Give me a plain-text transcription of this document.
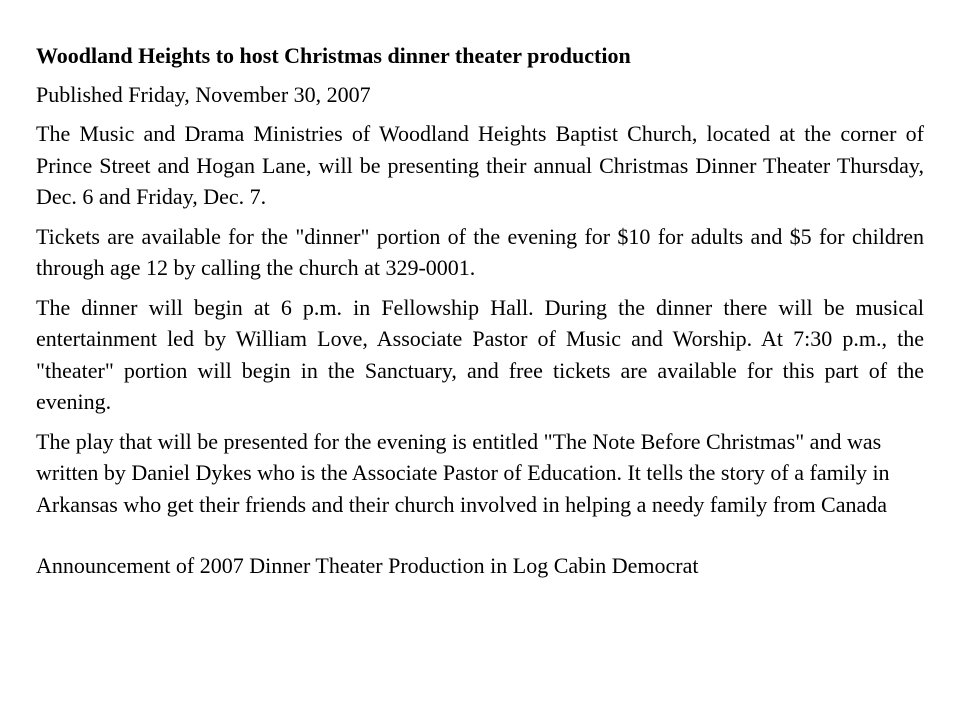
Woodland Heights to host Christmas dinner theater production
Published Friday, November 30, 2007

The Music and Drama Ministries of Woodland Heights Baptist Church, located at the corner of Prince Street and Hogan Lane, will be presenting their annual Christmas Dinner Theater Thursday, Dec. 6 and Friday, Dec. 7.

Tickets are available for the "dinner" portion of the evening for $10 for adults and $5 for children through age 12 by calling the church at 329-0001.

The dinner will begin at 6 p.m. in Fellowship Hall. During the dinner there will be musical entertainment led by William Love, Associate Pastor of Music and Worship. At 7:30 p.m., the "theater" portion will begin in the Sanctuary, and free tickets are available for this part of the evening.

The play that will be presented for the evening is entitled "The Note Before Christmas" and was written by Daniel Dykes who is the Associate Pastor of Education. It tells the story of a family in Arkansas who get their friends and their church involved in helping a needy family from Canada

Announcement of 2007 Dinner Theater Production in Log Cabin Democrat
